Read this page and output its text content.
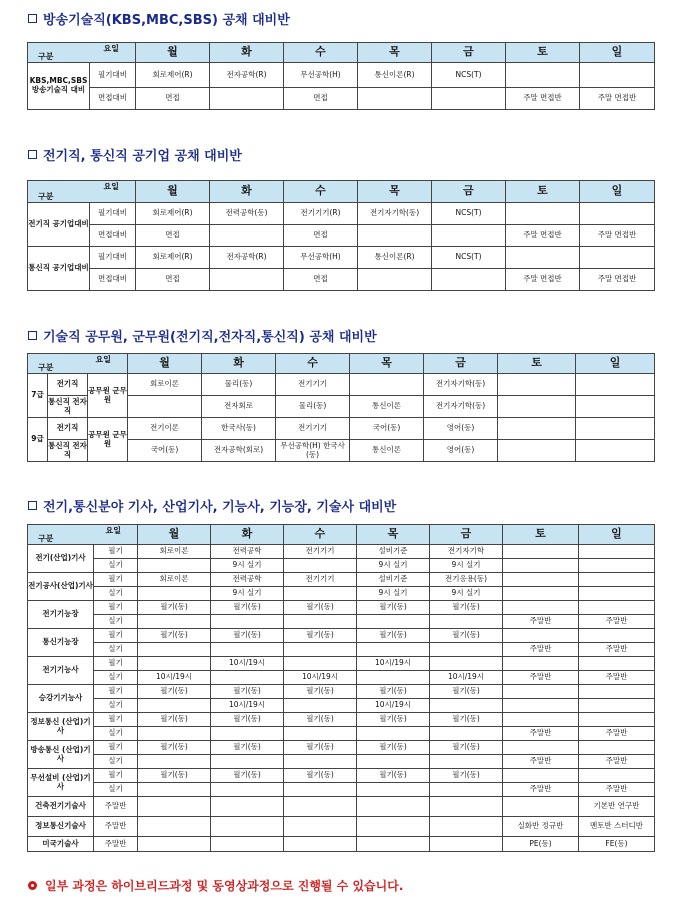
방송기술직(KBS,MBC,SBS) 공채 대비반
요일
구분		월	화	수	목	금	토	일
KBS,MBC,SBS 방송기술직 대비	필기대비	회로제어(R)	전자공학(R)	무선공학(H)	통신이론(R)	NCS(T)		
	면접대비	면접		면접			주말 면접반	주말 면접반
전기직, 통신직 공기업 공채 대비반
요일
구분		월	화	수	목	금	토	일
전기직 공기업대비	필기대비	회로제어(R)	전력공학(동)	전기기기(R)	전기자기학(동)	NCS(T)		
	면접대비	면접		면접			주말 면접반	주말 면접반
통신직 공기업대비	필기대비	회로제어(R)	전자공학(R)	무선공학(H)	통신이론(R)	NCS(T)		
	면접대비	면접		면접			주말 면접반	주말 면접반
기술직 공무원, 군무원(전기직,전자직,통신직) 공채 대비반
요일
구분			월	화	수	목	금	토	일
7급	전기직	공무원 군무원	회로이론	물리(동)	전기기기		전기자기학(동)		
	통신직 전자직			전자회로	물리(동)	통신이론	전기자기학(동)		
9급	전기직	공무원 군무원	전기이론	한국사(동)	전기기기	국어(동)	영어(동)		
	통신직 전자직		국어(동)	전자공학(회로)	무선공학(H) 한국사(동)	통신이론	영어(동)		
전기,통신분야 기사, 산업기사, 기능사, 기능장, 기술사 대비반
요일
구분		월	화	수	목	금	토	일
전기(산업)기사	필기	회로이론	전력공학	전기기기	설비기준	전기자기학		
	실기		9시 실기		9시 실기	9시 실기		
전기공사(산업)기사	필기	회로이론	전력공학	전기기기	설비기준	전기응용(동)		
	실기		9시 실기		9시 실기	9시 실기		
전기기능장	필기	필기(동)	필기(동)	필기(동)	필기(동)	필기(동)		
	실기						주말반	주말반
통신기능장	필기	필기(동)	필기(동)	필기(동)	필기(동)	필기(동)		
	실기						주말반	주말반
전기기능사	필기		10시/19시		10시/19시			
	실기	10시/19시		10시/19시		10시/19시	주말반	주말반
승강기기능사	필기	필기(동)	필기(동)	필기(동)	필기(동)	필기(동)		
	실기		10시/19시		10시/19시			
정보통신 (산업)기사	필기	필기(동)	필기(동)	필기(동)	필기(동)	필기(동)		
	실기						주말반	주말반
방송통신 (산업)기사	필기	필기(동)	필기(동)	필기(동)	필기(동)	필기(동)		
	실기						주말반	주말반
무선설비 (산업)기사	필기	필기(동)	필기(동)	필기(동)	필기(동)	필기(동)		
	실기						주말반	주말반
건축전기기술사	주말반							기본반 연구반
정보통신기술사	주말반						실화반 정규반	멘토반 스터디반
미국기술사	주말반						PE(동)	FE(동)
일부 과정은 하이브리드과정 및 동영상과정으로 진행될 수 있습니다.
